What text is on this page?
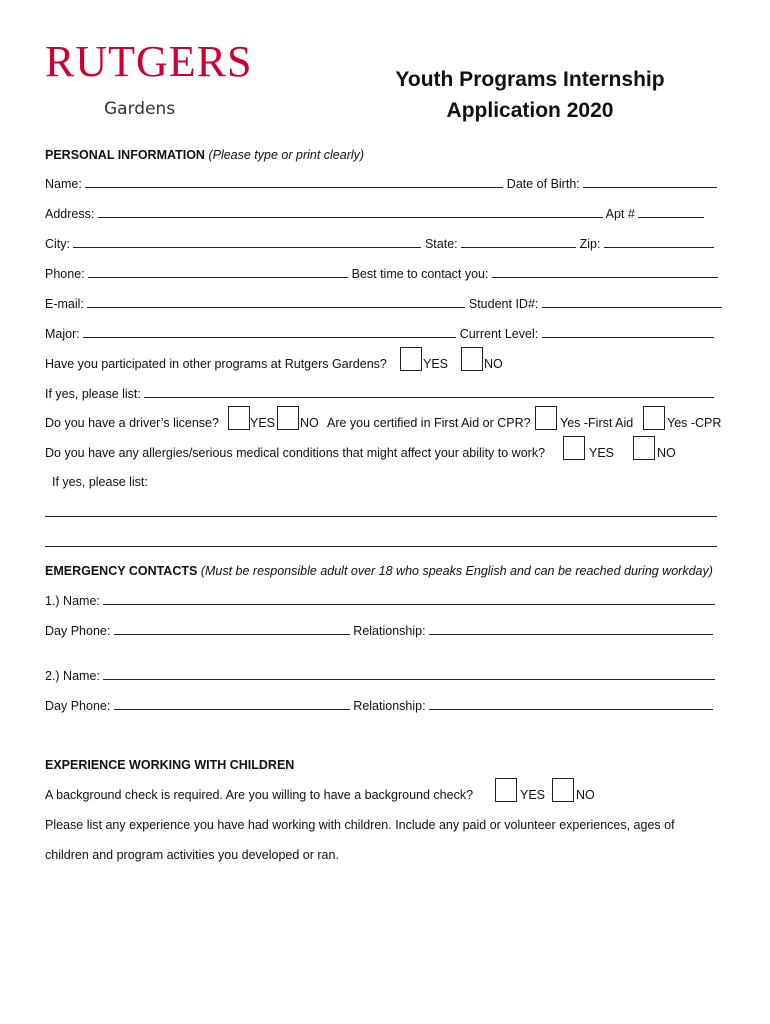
RUTGERS
Gardens
Youth Programs Internship
Application 2020
PERSONAL INFORMATION (Please type or print clearly)
Name:	Date of Birth:
Address:	Apt #
City:	State:	Zip:
Phone:	Best time to contact you:
E-mail:	Student ID#:
Major:	Current Level:
Have you participated in other programs at Rutgers Gardens?	YES	NO
If yes, please list:
Do you have a driver’s license? YES NO Are you certified in First Aid or CPR? Yes -First Aid	Yes -CPR
Do you have any allergies/serious medical conditions that might affect your ability to work?	YES	NO
If yes, please list:
EMERGENCY CONTACTS (Must be responsible adult over 18 who speaks English and can be reached during workday)
1.) Name:
Day Phone:	Relationship:
2.) Name:
Day Phone:	Relationship:
EXPERIENCE WORKING WITH CHILDREN
A background check is required. Are you willing to have a background check?	YES NO
Please list any experience you have had working with children. Include any paid or volunteer experiences, ages of
children and program activities you developed or ran.
